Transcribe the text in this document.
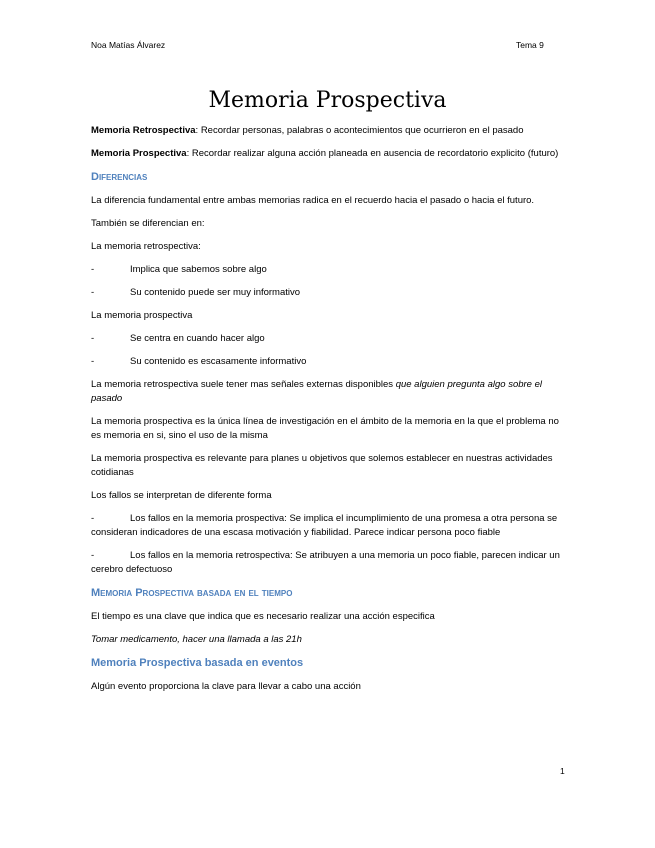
Noa Matías Álvarez	Tema 9
Memoria Prospectiva

Memoria Retrospectiva: Recordar personas, palabras o acontecimientos que ocurrieron en el pasado

Memoria Prospectiva: Recordar realizar alguna acción planeada en ausencia de recordatorio explicito (futuro)

Diferencias

La diferencia fundamental entre ambas memorias radica en el recuerdo hacia el pasado o hacia el futuro.

También se diferencian en:

La memoria retrospectiva:

-	Implica que sabemos sobre algo
-	Su contenido puede ser muy informativo

La memoria prospectiva

-	Se centra en cuando hacer algo
-	Su contenido es escasamente informativo

La memoria retrospectiva suele tener mas señales externas disponibles que alguien pregunta algo sobre el pasado

La memoria prospectiva es la única línea de investigación en el ámbito de la memoria en la que el problema no es memoria en si, sino el uso de la misma

La memoria prospectiva es relevante para planes u objetivos que solemos establecer en nuestras actividades cotidianas

Los fallos se interpretan de diferente forma

-	Los fallos en la memoria prospectiva: Se implica el incumplimiento de una promesa a otra persona se consideran indicadores de una escasa motivación y fiabilidad. Parece indicar persona poco fiable

-	Los fallos en la memoria retrospectiva: Se atribuyen a una memoria un poco fiable, parecen indicar un cerebro defectuoso

Memoria Prospectiva basada en el tiempo

El tiempo es una clave que indica que es necesario realizar una acción especifica

Tomar medicamento, hacer una llamada a las 21h

Memoria Prospectiva basada en eventos

Algún evento proporciona la clave para llevar a cabo una acción

1
